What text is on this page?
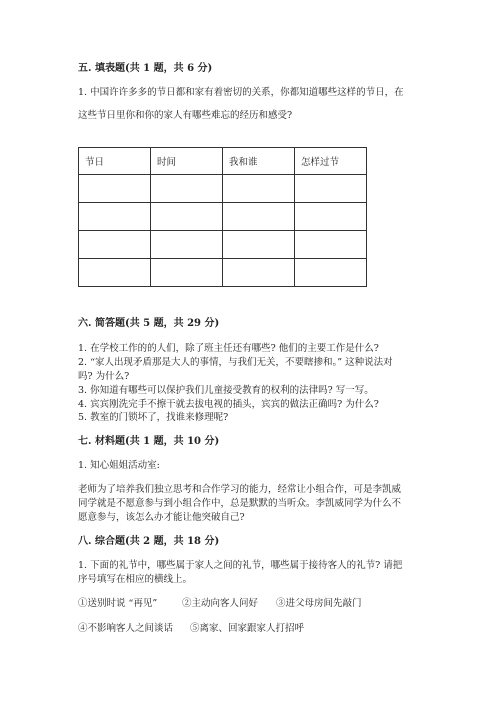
五. 填表题(共 1 题，共 6 分)
1. 中国许许多多的节日都和家有着密切的关系，你都知道哪些这样的节日，在
这些节日里你和你的家人有哪些难忘的经历和感受?
节日	时间	我和谁	怎样过节

六. 简答题(共 5 题，共 29 分)
1. 在学校工作的的人们，除了班主任还有哪些? 他们的主要工作是什么?
2. “家人出现矛盾那是大人的事情，与我们无关，不要瞎掺和。” 这种说法对
吗? 为什么?
3. 你知道有哪些可以保护我们儿童接受教育的权利的法律吗? 写一写。
4. 宾宾刚洗完手不擦干就去拔电视的插头，宾宾的做法正确吗? 为什么?
5. 教室的门锁坏了，找谁来修理呢?
七. 材料题(共 1 题，共 10 分)
1. 知心姐姐活动室:
老师为了培养我们独立思考和合作学习的能力，经常让小组合作，可是李凯威
同学就是不愿意参与到小组合作中，总是默默的当听众。李凯威同学为什么不
愿意参与，该怎么办才能让他突破自己?
八. 综合题(共 2 题，共 18 分)
1. 下面的礼节中，哪些属于家人之间的礼节，哪些属于接待客人的礼节? 请把
序号填写在相应的横线上。
①送别时说 “再见”	②主动向客人问好 ③进父母房间先敲门
④不影响客人之间谈话 ⑤离家、回家跟家人打招呼
